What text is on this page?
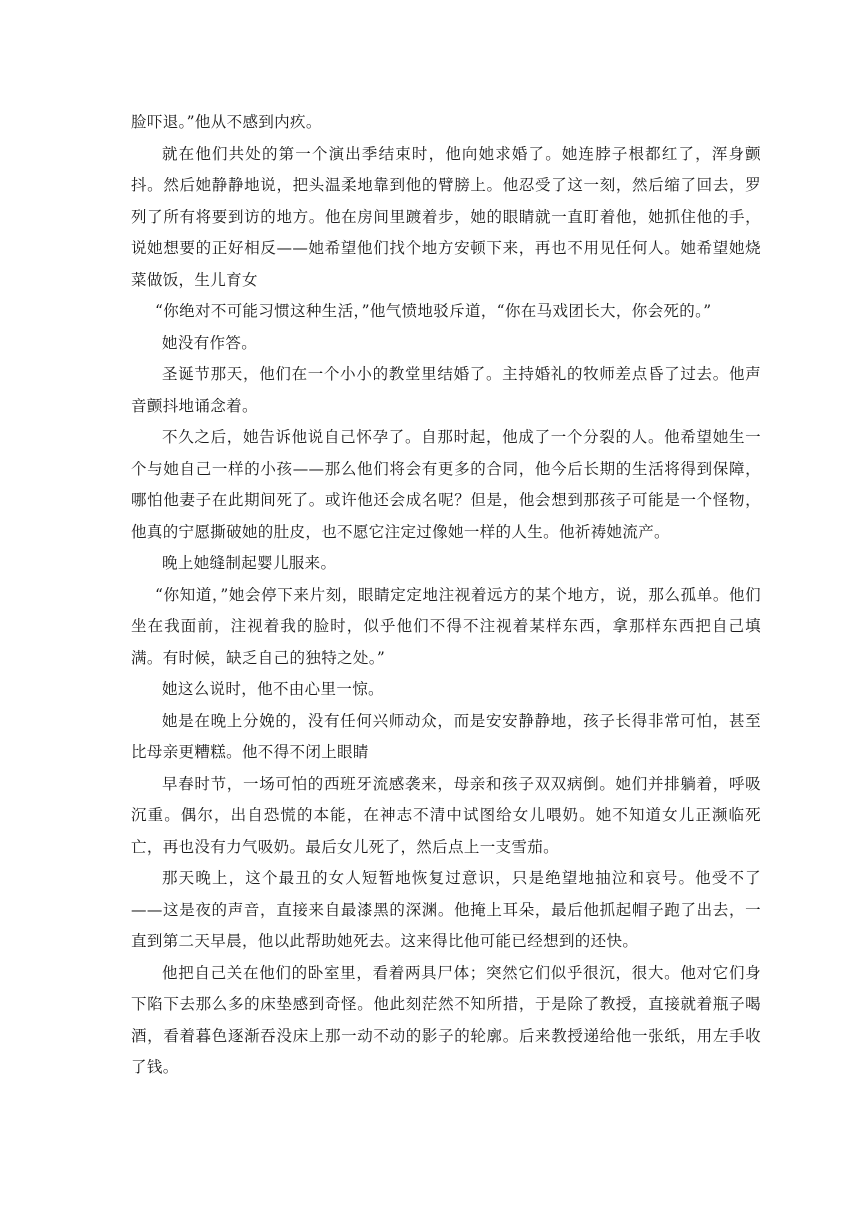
脸吓退。”他从不感到内疚。

就在他们共处的第一个演出季结束时，他向她求婚了。她连脖子根都红了，浑身颤抖。然后她静静地说，把头温柔地靠到他的臂膀上。他忍受了这一刻，然后缩了回去，罗列了所有将要到访的地方。他在房间里踱着步，她的眼睛就一直盯着他，她抓住他的手，说她想要的正好相反——她希望他们找个地方安顿下来，再也不用见任何人。她希望她烧菜做饭，生儿育女

“你绝对不可能习惯这种生活，”他气愤地驳斥道，“你在马戏团长大，你会死的。”

她没有作答。

圣诞节那天，他们在一个小小的教堂里结婚了。主持婚礼的牧师差点昏了过去。他声音颤抖地诵念着。

不久之后，她告诉他说自己怀孕了。自那时起，他成了一个分裂的人。他希望她生一个与她自己一样的小孩——那么他们将会有更多的合同，他今后长期的生活将得到保障，哪怕他妻子在此期间死了。或许他还会成名呢？但是，他会想到那孩子可能是一个怪物，他真的宁愿撕破她的肚皮，也不愿它注定过像她一样的人生。他祈祷她流产。

晚上她缝制起婴儿服来。

“你知道，”她会停下来片刻，眼睛定定地注视着远方的某个地方，说，那么孤单。他们坐在我面前，注视着我的脸时，似乎他们不得不注视着某样东西，拿那样东西把自己填满。有时候，缺乏自己的独特之处。”

她这么说时，他不由心里一惊。

她是在晚上分娩的，没有任何兴师动众，而是安安静静地，孩子长得非常可怕，甚至比母亲更糟糕。他不得不闭上眼睛

早春时节，一场可怕的西班牙流感袭来，母亲和孩子双双病倒。她们并排躺着，呼吸沉重。偶尔，出自恐慌的本能，在神志不清中试图给女儿喂奶。她不知道女儿正濒临死亡，再也没有力气吸奶。最后女儿死了，然后点上一支雪茄。

那天晚上，这个最丑的女人短暂地恢复过意识，只是绝望地抽泣和哀号。他受不了——这是夜的声音，直接来自最漆黑的深渊。他掩上耳朵，最后他抓起帽子跑了出去，一直到第二天早晨，他以此帮助她死去。这来得比他可能已经想到的还快。

他把自己关在他们的卧室里，看着两具尸体；突然它们似乎很沉，很大。他对它们身下陷下去那么多的床垫感到奇怪。他此刻茫然不知所措，于是除了教授，直接就着瓶子喝酒，看着暮色逐渐吞没床上那一动不动的影子的轮廓。后来教授递给他一张纸，用左手收了钱。
